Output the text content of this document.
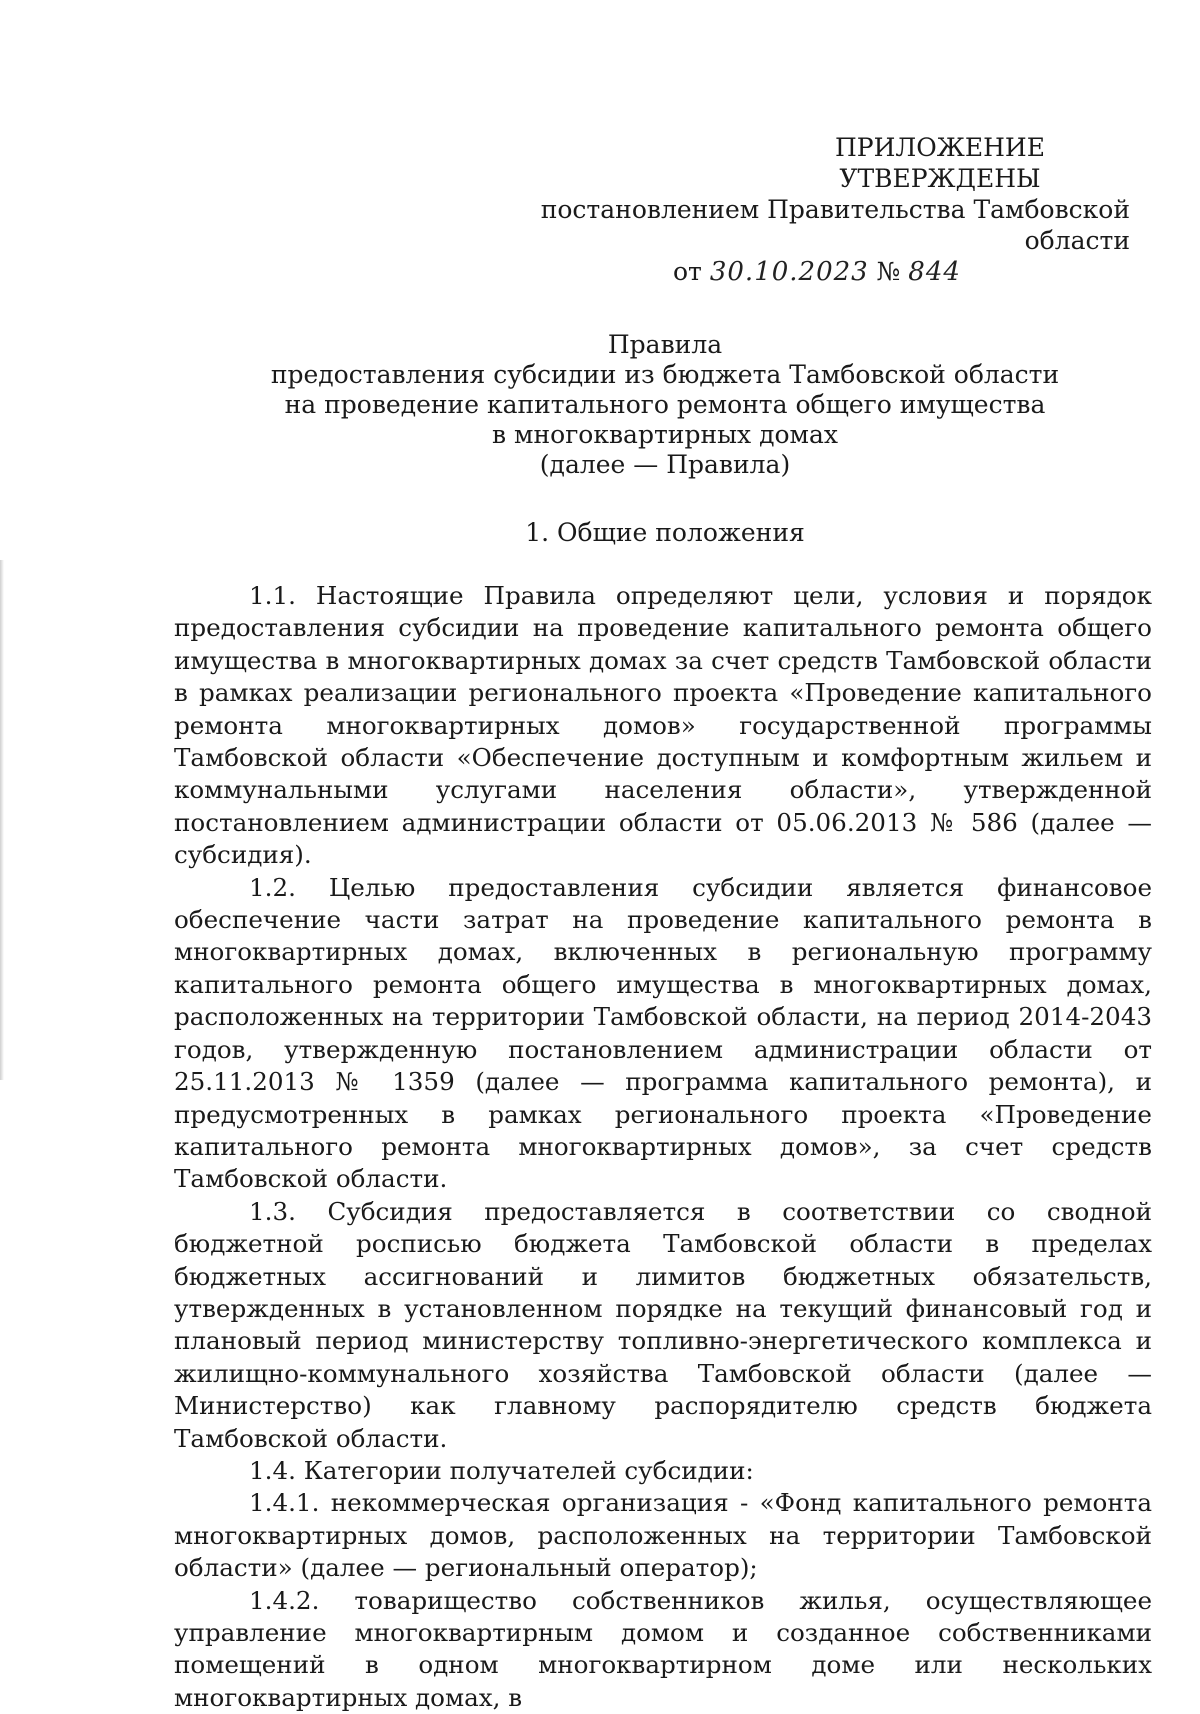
ПРИЛОЖЕНИЕ
УТВЕРЖДЕНЫ
постановлением Правительства Тамбовской области
от 30.10.2023 № 844
Правила
предоставления субсидии из бюджета Тамбовской области
на проведение капитального ремонта общего имущества
в многоквартирных домах
(далее — Правила)
1. Общие положения

1.1. Настоящие Правила определяют цели, условия и порядок предоставления субсидии на проведение капитального ремонта общего имущества в многоквартирных домах за счет средств Тамбовской области в рамках реализации регионального проекта «Проведение капитального ремонта многоквартирных домов» государственной программы Тамбовской области «Обеспечение доступным и комфортным жильем и коммунальными услугами населения области», утвержденной постановлением администрации области от 05.06.2013 № 586 (далее — субсидия).

1.2. Целью предоставления субсидии является финансовое обеспечение части затрат на проведение капитального ремонта в многоквартирных домах, включенных в региональную программу капитального ремонта общего имущества в многоквартирных домах, расположенных на территории Тамбовской области, на период 2014-2043 годов, утвержденную постановлением администрации области от 25.11.2013 № 1359 (далее — программа капитального ремонта), и предусмотренных в рамках регионального проекта «Проведение капитального ремонта многоквартирных домов», за счет средств Тамбовской области.

1.3. Субсидия предоставляется в соответствии со сводной бюджетной росписью бюджета Тамбовской области в пределах бюджетных ассигнований и лимитов бюджетных обязательств, утвержденных в установленном порядке на текущий финансовый год и плановый период министерству топливно-энергетического комплекса и жилищно-коммунального хозяйства Тамбовской области (далее — Министерство) как главному распорядителю средств бюджета Тамбовской области.

1.4. Категории получателей субсидии:

1.4.1. некоммерческая организация - «Фонд капитального ремонта многоквартирных домов, расположенных на территории Тамбовской области» (далее — региональный оператор);

1.4.2. товарищество собственников жилья, осуществляющее управление многоквартирным домом и созданное собственниками помещений в одном многоквартирном доме или нескольких многоквартирных домах, в
